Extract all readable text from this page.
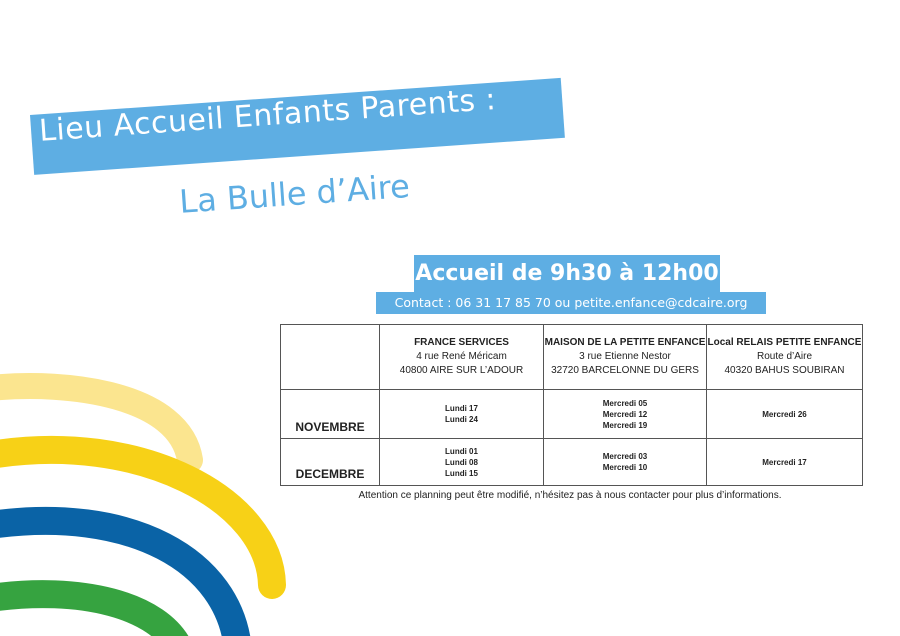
Lieu Accueil Enfants Parents :
La Bulle d’Aire
Accueil de 9h30 à 12h00
Contact : 06 31 17 85 70 ou petite.enfance@cdcaire.org

	FRANCE SERVICES
4 rue René Méricam
40800 AIRE SUR L’ADOUR	MAISON DE LA PETITE ENFANCE
3 rue Etienne Nestor
32720 BARCELONNE DU GERS	Local RELAIS PETITE ENFANCE
Route d’Aire
40320 BAHUS SOUBIRAN

NOVEMBRE	Lundi 17
Lundi 24	Mercredi 05
Mercredi 12
Mercredi 19	Mercredi 26

DECEMBRE	Lundi 01
Lundi 08
Lundi 15	Mercredi 03
Mercredi 10	Mercredi 17
Attention ce planning peut être modifié, n’hésitez pas à nous contacter pour plus d’informations.
